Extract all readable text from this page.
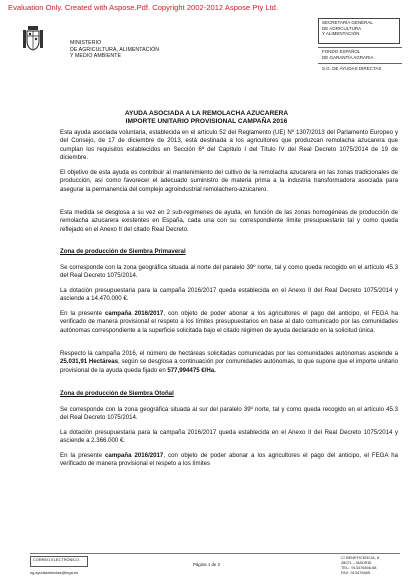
Evaluation Only. Created with Aspose.Pdf. Copyright 2002-2012 Aspose Pty Ltd.
MINISTERIO
DE AGRICULTURA, ALIMENTACIÓN
Y MEDIO AMBIENTE
SECRETARÍA GENERAL
DE AGRICULTURA
Y ALIMENTACIÓN
FONDO ESPAÑOL
DE GARANTÍA AGRARIA
S.G. DE AYUDAS DIRECTAS
AYUDA ASOCIADA A LA REMOLACHA AZUCARERA
IMPORTE UNITARIO PROVISIONAL CAMPAÑA 2016
Esta ayuda asociada voluntaria, establecida en el artículo 52 del Reglamento (UE) Nº 1307/2013 del Parlamento Europeo y del Consejo, de 17 de diciembre de 2013, está destinada a los agricultores que produzcan remolacha azucarera que cumplan los requisitos establecidos en Sección 6ª del Capítulo I del Título IV del Real Decreto 1075/2014 de 19 de diciembre.
El objetivo de esta ayuda es contribuir al mantenimiento del cultivo de la remolacha azucarera en las zonas tradicionales de producción, así como favorecer el adecuado suministro de materia prima a la industria transformadora asociada para asegurar la permanencia del complejo agroindustrial remolachero-azucarero.
Esta medida se desglosa a su vez en 2 sub-regímenes de ayuda, en función de las zonas homogéneas de producción de remolacha azucarera existentes en España, cada una con su correspondiente límite presupuestario tal y como queda reflejado en el Anexo II del citado Real Decreto.
Zona de producción de Siembra Primaveral
Se corresponde con la zona geográfica situada al norte del paralelo 39º norte, tal y como queda recogido en el artículo 45.3 del Real Decreto 1075/2014.
La dotación presupuestaria para la campaña 2016/2017 queda establecida en el Anexo II del Real Decreto 1075/2014 y asciende a 14.470.000 €.
En la presente campaña 2016/2017, con objeto de poder abonar a los agricultores el pago del anticipo, el FEGA ha verificado de manera provisional el respeto a los límites presupuestarios en base al dato comunicado por las comunidades autónomas correspondiente a la superficie solicitada bajo el citado régimen de ayuda declarado en la solicitud única.
Respecto la campaña 2016, el número de hectáreas solicitadas comunicadas por las comunidades autónomas asciende a 25.031,91 Hectáreas, según se desglosa a continuación por comunidades autónomas, lo que supone que el importe unitario provisional de la ayuda queda fijado en 577,994475 €/Ha.
Zona de producción de Siembra Otoñal
Se corresponde con la zona geográfica situada al sur del paralelo 39º norte, tal y como queda recogido en el artículo 45.3 del Real Decreto 1075/2014.
La dotación presupuestaria para la campaña 2016/2017 queda establecida en el Anexo II del Real Decreto 1075/2014 y asciende a 2.366.000 €.
En la presente campaña 2016/2017, con objeto de poder abonar a los agricultores el pago del anticipo, el FEGA ha verificado de manera provisional el respeto a los límites
CORREO ELECTRÓNICO
sg.ayudasdirectas@fega.es
Página 1 de 2
C/ BENEFICENCIA, 8
28071 – MADRID
TEL.: 913476466-68
FAX: 913476465
